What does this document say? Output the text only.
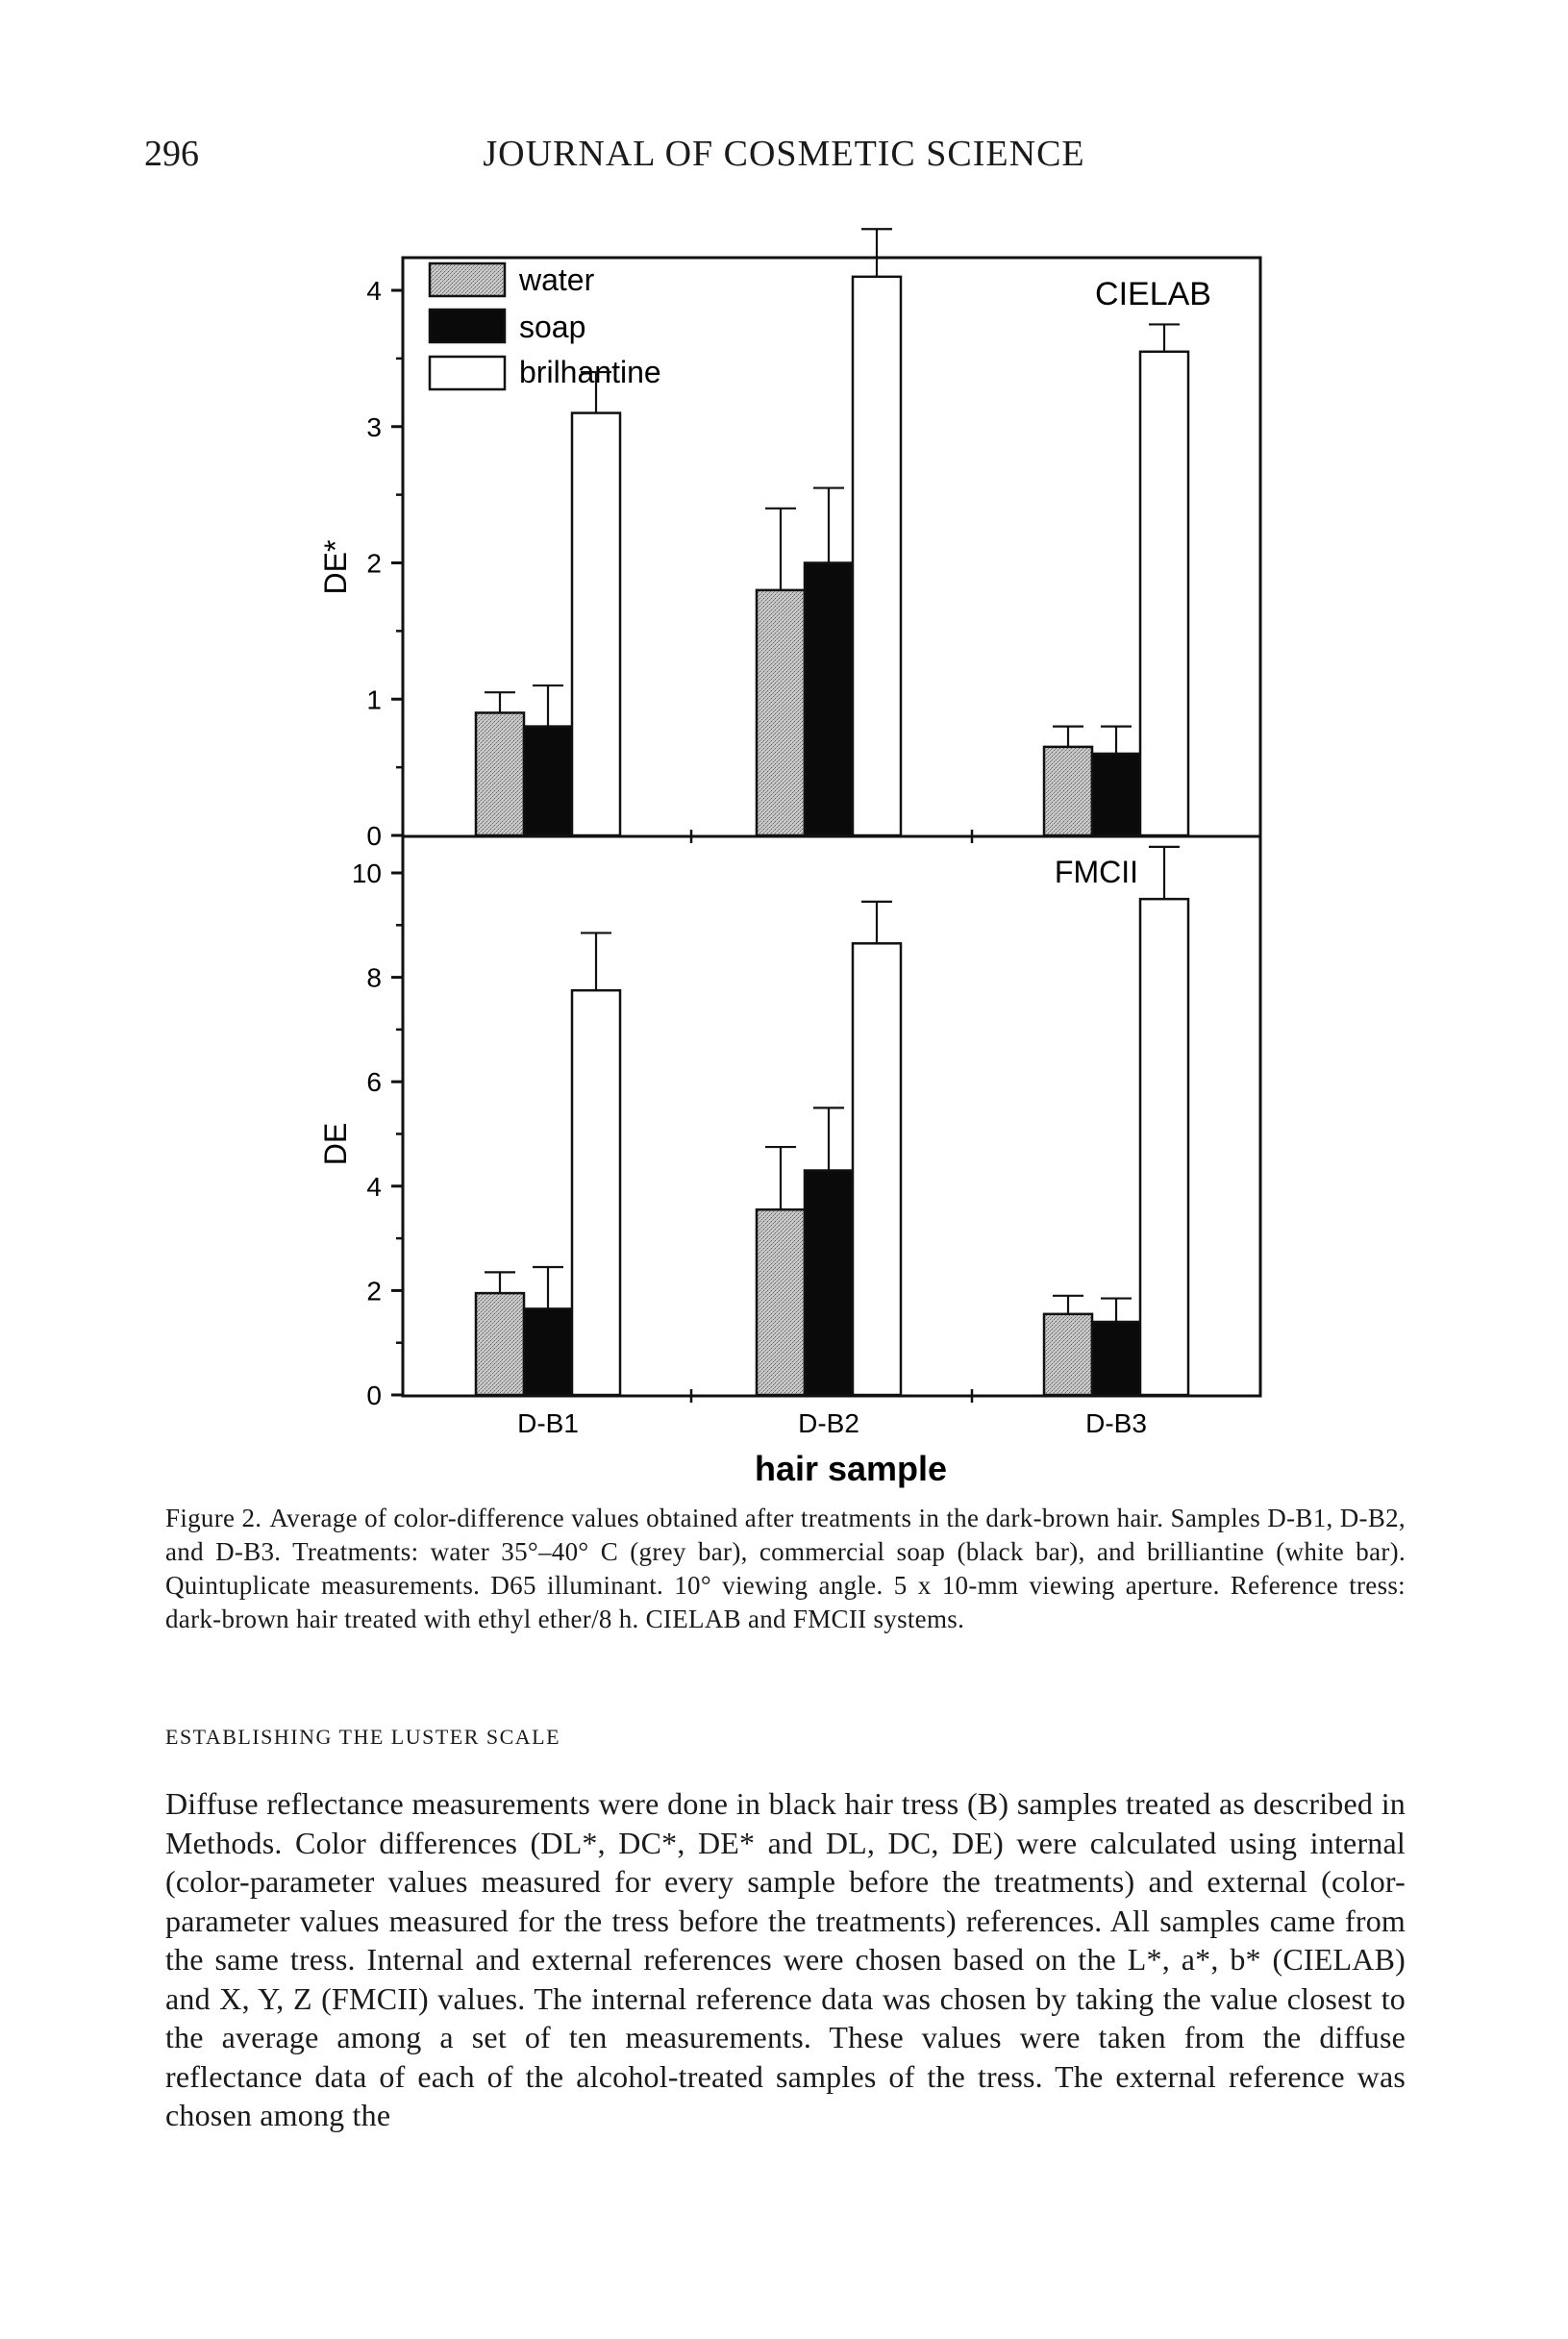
296	JOURNAL OF COSMETIC SCIENCE
water
soap
brilhantine
CIELAB
FMCII
DE*
DE
hair sample
0
1
2
3
4
0
2
4
6
8
10
D-B1	D-B2	D-B3
Figure 2. Average of color-difference values obtained after treatments in the dark-brown hair. Samples D-B1, D-B2, and D-B3. Treatments: water 35°–40° C (grey bar), commercial soap (black bar), and brilliantine (white bar). Quintuplicate measurements. D65 illuminant. 10° viewing angle. 5 x 10-mm viewing aperture. Reference tress: dark-brown hair treated with ethyl ether/8 h. CIELAB and FMCII systems.
ESTABLISHING THE LUSTER SCALE
Diffuse reflectance measurements were done in black hair tress (B) samples treated as described in Methods. Color differences (DL*, DC*, DE* and DL, DC, DE) were calculated using internal (color-parameter values measured for every sample before the treatments) and external (color-parameter values measured for the tress before the treatments) references. All samples came from the same tress. Internal and external references were chosen based on the L*, a*, b* (CIELAB) and X, Y, Z (FMCII) values. The internal reference data was chosen by taking the value closest to the average among a set of ten measurements. These values were taken from the diffuse reflectance data of each of the alcohol-treated samples of the tress. The external reference was chosen among the
